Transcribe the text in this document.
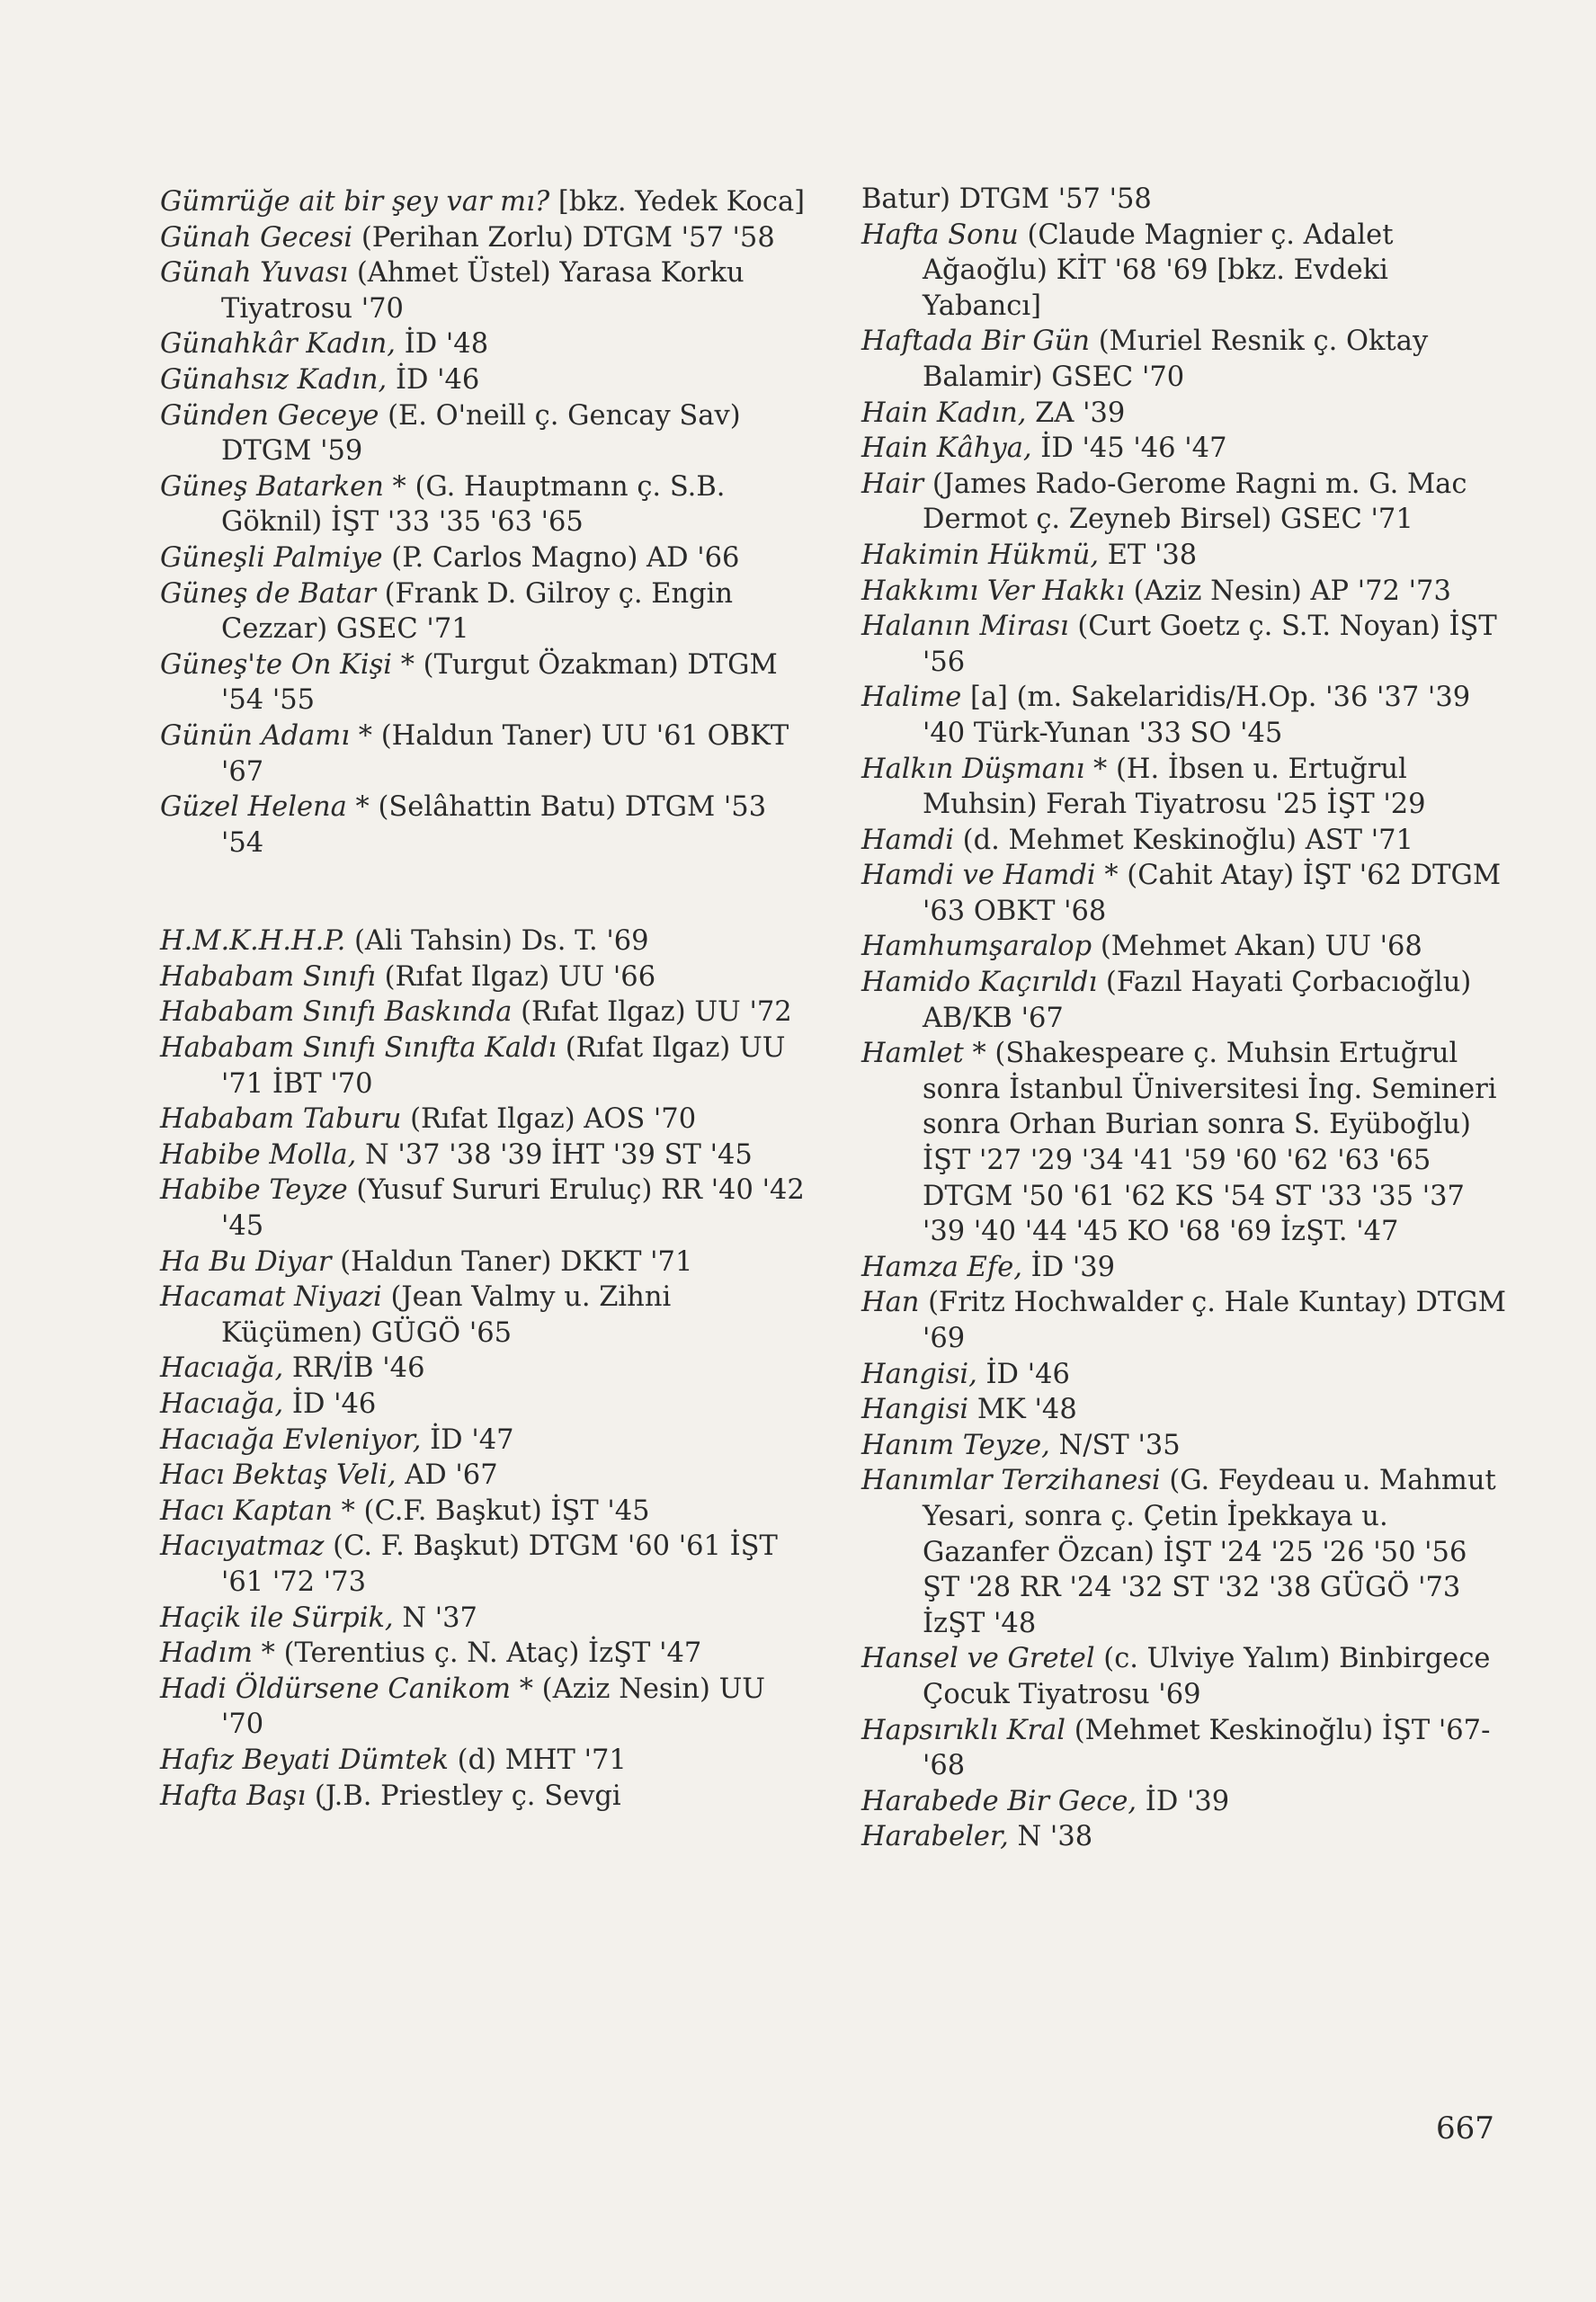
Gümrüğe ait bir şey var mı? [bkz. Yedek Koca]
Günah Gecesi (Perihan Zorlu) DTGM '57 '58
Günah Yuvası (Ahmet Üstel) Yarasa Korku Tiyatrosu '70
Günahkâr Kadın, İD '48
Günahsız Kadın, İD '46
Günden Geceye (E. O'neill ç. Gencay Sav) DTGM '59
Güneş Batarken * (G. Hauptmann ç. S.B. Göknil) İŞT '33 '35 '63 '65
Güneşli Palmiye (P. Carlos Magno) AD '66
Güneş de Batar (Frank D. Gilroy ç. Engin Cezzar) GSEC '71
Güneş'te On Kişi * (Turgut Özakman) DTGM '54 '55
Günün Adamı * (Haldun Taner) UU '61 OBKT '67
Güzel Helena * (Selâhattin Batu) DTGM '53 '54
H.M.K.H.H.P. (Ali Tahsin) Ds. T. '69
Hababam Sınıfı (Rıfat Ilgaz) UU '66
Hababam Sınıfı Baskında (Rıfat Ilgaz) UU '72
Hababam Sınıfı Sınıfta Kaldı (Rıfat Ilgaz) UU '71 İBT '70
Hababam Taburu (Rıfat Ilgaz) AOS '70
Habibe Molla, N '37 '38 '39 İHT '39 ST '45
Habibe Teyze (Yusuf Sururi Eruluç) RR '40 '42 '45
Ha Bu Diyar (Haldun Taner) DKKT '71
Hacamat Niyazi (Jean Valmy u. Zihni Küçümen) GÜGÖ '65
Hacıağa, RR/İB '46
Hacıağa, İD '46
Hacıağa Evleniyor, İD '47
Hacı Bektaş Veli, AD '67
Hacı Kaptan * (C.F. Başkut) İŞT '45
Hacıyatmaz (C. F. Başkut) DTGM '60 '61 İŞT '61 '72 '73
Haçik ile Sürpik, N '37
Hadım * (Terentius ç. N. Ataç) İzŞT '47
Hadi Öldürsene Canikom * (Aziz Nesin) UU '70
Hafız Beyati Dümtek (d) MHT '71
Hafta Başı (J.B. Priestley ç. Sevgi
Batur) DTGM '57 '58
Hafta Sonu (Claude Magnier ç. Adalet Ağaoğlu) KİT '68 '69 [bkz. Evdeki Yabancı]
Haftada Bir Gün (Muriel Resnik ç. Oktay Balamir) GSEC '70
Hain Kadın, ZA '39
Hain Kâhya, İD '45 '46 '47
Hair (James Rado-Gerome Ragni m. G. Mac Dermot ç. Zeyneb Birsel) GSEC '71
Hakimin Hükmü, ET '38
Hakkımı Ver Hakkı (Aziz Nesin) AP '72 '73
Halanın Mirası (Curt Goetz ç. S.T. Noyan) İŞT '56
Halime [a] (m. Sakelaridis/H.Op. '36 '37 '39 '40 Türk-Yunan '33 SO '45
Halkın Düşmanı * (H. İbsen u. Ertuğrul Muhsin) Ferah Tiyatrosu '25 İŞT '29
Hamdi (d. Mehmet Keskinoğlu) AST '71
Hamdi ve Hamdi * (Cahit Atay) İŞT '62 DTGM '63 OBKT '68
Hamhumşaralop (Mehmet Akan) UU '68
Hamido Kaçırıldı (Fazıl Hayati Çorbacıoğlu) AB/KB '67
Hamlet * (Shakespeare ç. Muhsin Ertuğrul sonra İstanbul Üniversitesi İng. Semineri sonra Orhan Burian sonra S. Eyüboğlu) İŞT '27 '29 '34 '41 '59 '60 '62 '63 '65 DTGM '50 '61 '62 KS '54 ST '33 '35 '37 '39 '40 '44 '45 KO '68 '69 İzŞT. '47
Hamza Efe, İD '39
Han (Fritz Hochwalder ç. Hale Kuntay) DTGM '69
Hangisi, İD '46
Hangisi MK '48
Hanım Teyze, N/ST '35
Hanımlar Terzihanesi (G. Feydeau u. Mahmut Yesari, sonra ç. Çetin İpekkaya u. Gazanfer Özcan) İŞT '24 '25 '26 '50 '56 ŞT '28 RR '24 '32 ST '32 '38 GÜGÖ '73 İzŞT '48
Hansel ve Gretel (c. Ulviye Yalım) Binbirgece Çocuk Tiyatrosu '69
Hapsırıklı Kral (Mehmet Keskinoğlu) İŞT '67-'68
Harabede Bir Gece, İD '39
Harabeler, N '38
667
